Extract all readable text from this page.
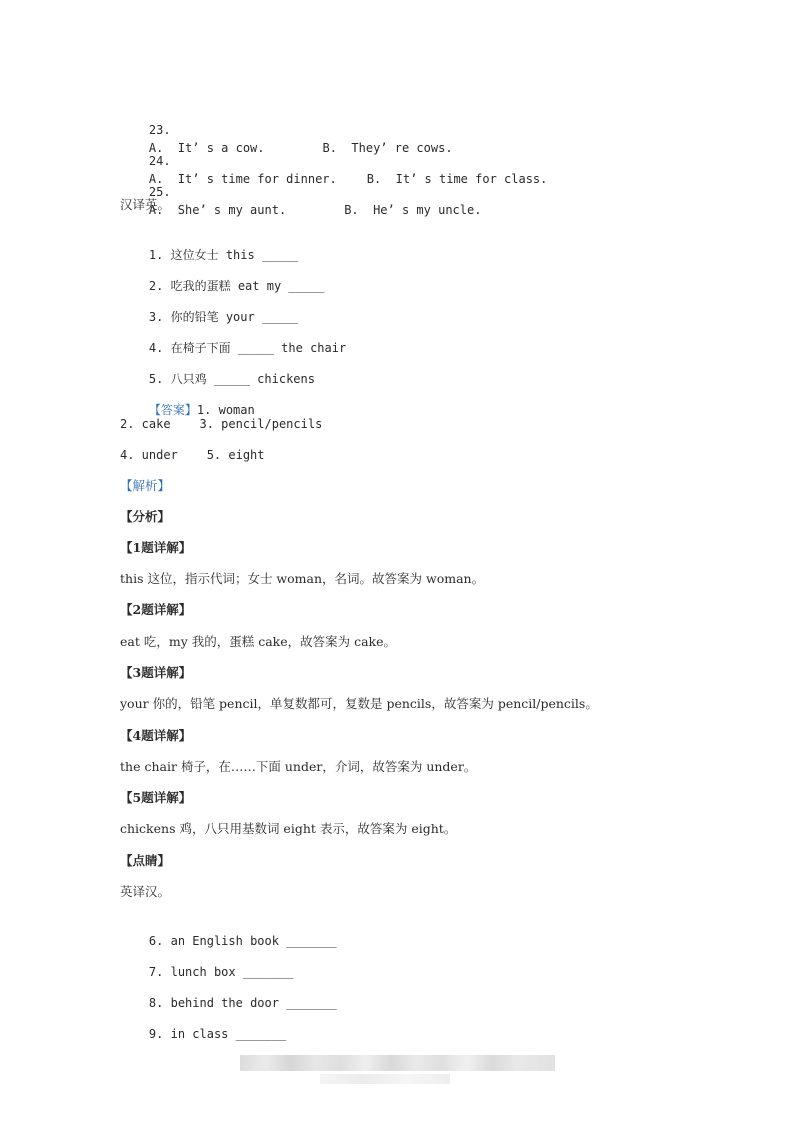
23.
A.  It’ s a cow.	B.  They’ re cows.

24.
A.  It’ s time for dinner.	B.  It’ s time for class.

25.
A.  She’ s my aunt.	B.  He’ s my uncle.

汉译英。

1. 这位女士 this _____

2. 吃我的蛋糕 eat my _____

3. 你的铅笔 your _____

4. 在椅子下面 _____ the chair

5. 八只鸡 _____ chickens

【答案】1. woman

2. cake    3. pencil/pencils
4. under    5. eight
【解析】
【分析】
【1题详解】
this 这位，指示代词；女士 woman，名词。故答案为 woman。
【2题详解】
eat 吃，my 我的，蛋糕 cake，故答案为 cake。
【3题详解】
your 你的，铅笔 pencil，单复数都可，复数是 pencils，故答案为 pencil/pencils。
【4题详解】
the chair 椅子，在……下面 under，介词，故答案为 under。
【5题详解】
chickens 鸡，八只用基数词 eight 表示，故答案为 eight。
【点睛】
英译汉。

6. an English book _______

7. lunch box _______

8. behind the door _______

9. in class _______
